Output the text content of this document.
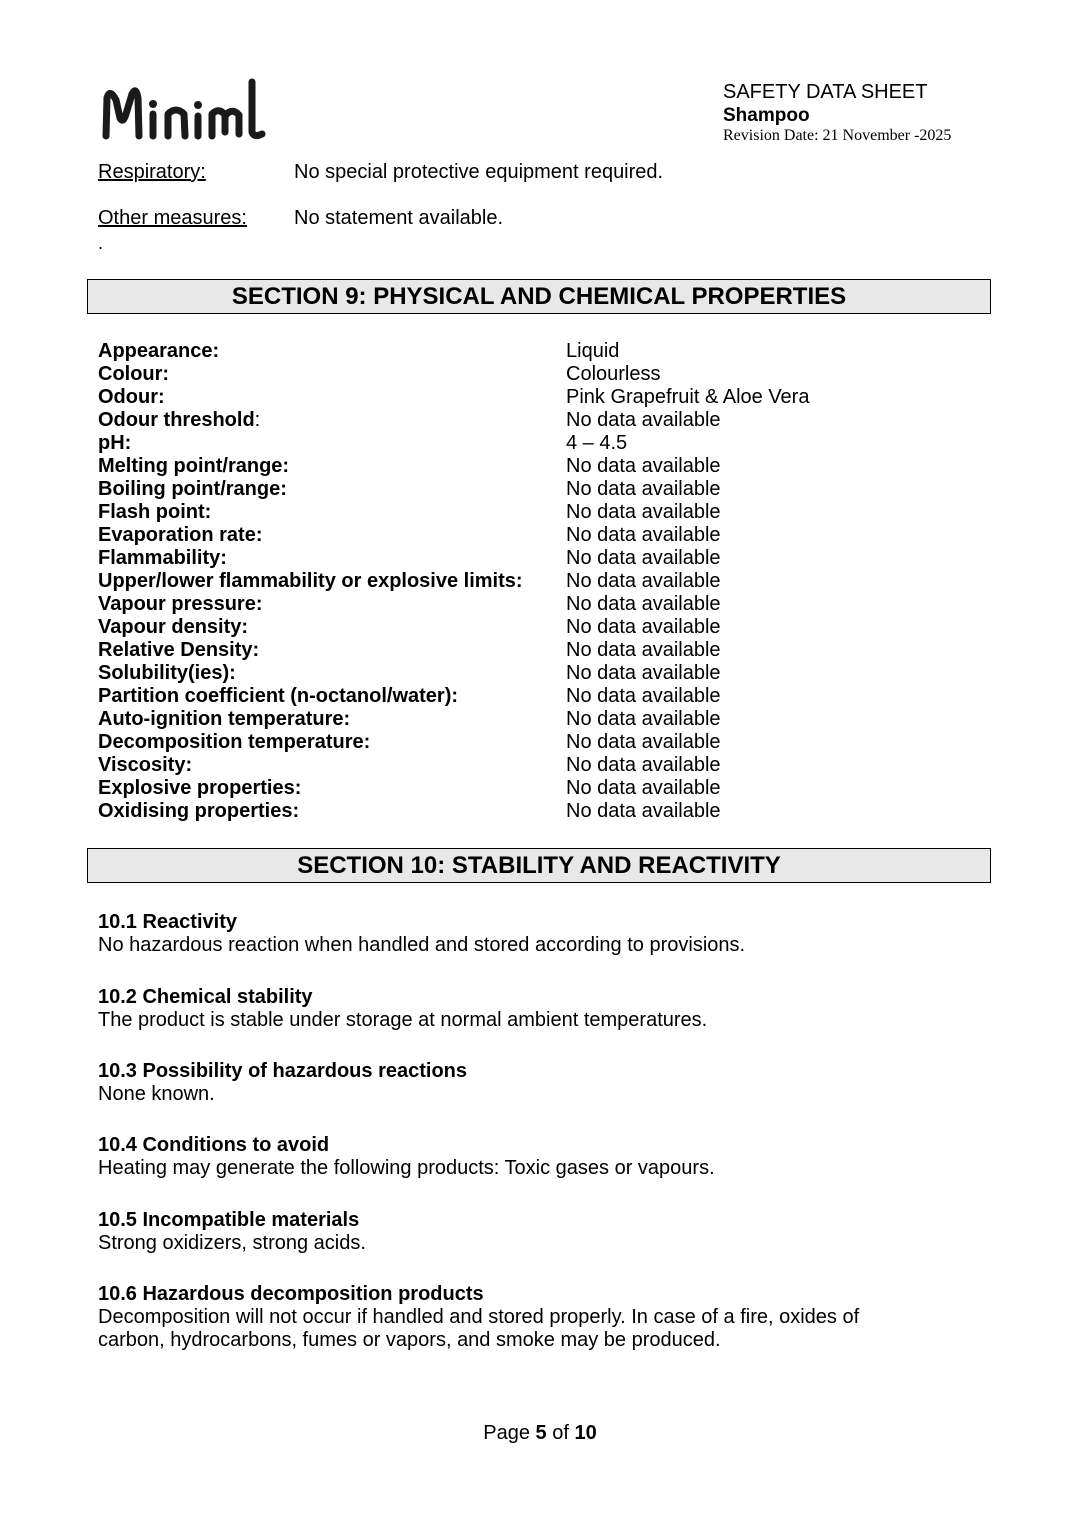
SAFETY DATA SHEET
Shampoo
Revision Date: 21 November -2025
Respiratory:	No special protective equipment required.
Other measures: No statement available.
.
SECTION 9: PHYSICAL AND CHEMICAL PROPERTIES
Appearance:	Liquid
Colour:	Colourless
Odour:	Pink Grapefruit & Aloe Vera
Odour threshold:	No data available
pH:	4 – 4.5
Melting point/range:	No data available
Boiling point/range:	No data available
Flash point:	No data available
Evaporation rate:	No data available
Flammability:	No data available
Upper/lower flammability or explosive limits:	No data available
Vapour pressure:	No data available
Vapour density:	No data available
Relative Density:	No data available
Solubility(ies):	No data available
Partition coefficient (n-octanol/water):	No data available
Auto-ignition temperature:	No data available
Decomposition temperature:	No data available
Viscosity:	No data available
Explosive properties:	No data available
Oxidising properties:	No data available
SECTION 10: STABILITY AND REACTIVITY
10.1 Reactivity
No hazardous reaction when handled and stored according to provisions.
10.2 Chemical stability
The product is stable under storage at normal ambient temperatures.
10.3 Possibility of hazardous reactions
None known.
10.4 Conditions to avoid
Heating may generate the following products: Toxic gases or vapours.
10.5 Incompatible materials
Strong oxidizers, strong acids.
10.6 Hazardous decomposition products
Decomposition will not occur if handled and stored properly. In case of a fire, oxides of carbon, hydrocarbons, fumes or vapors, and smoke may be produced.
Page 5 of 10
